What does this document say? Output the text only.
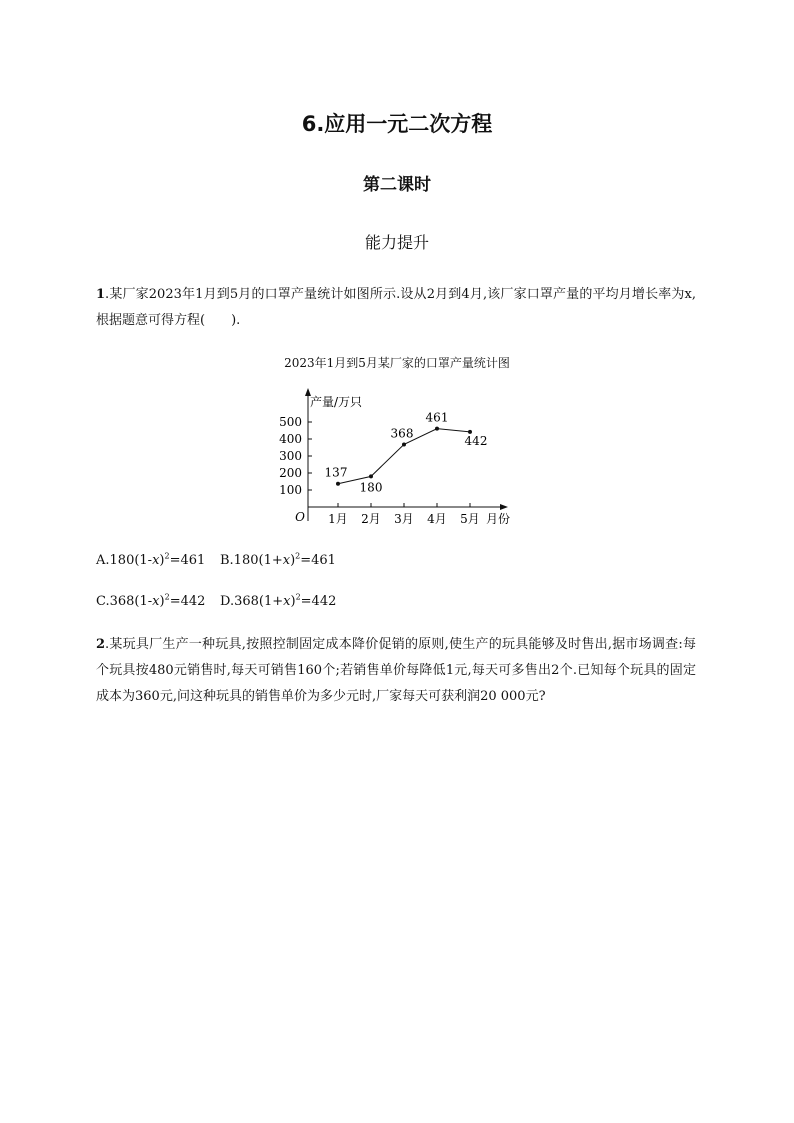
6.应用一元二次方程
第二课时
能力提升
1.某厂家2023年1月到5月的口罩产量统计如图所示.设从2月到4月,该厂家口罩产量的平均月增长率为x,根据题意可得方程(　　).
2023年1月到5月某厂家的口罩产量统计图
产量/万只
月份
O
100
200
300
400
500
1月 2月 3月 4月 5月
137
180
368
461
442
$A.180(1-x)^2=461$ $B.180(1+x)^2=461$
$C.368(1-x)^2=442$ $D.368(1+x)^2=442$
2.某玩具厂生产一种玩具,按照控制固定成本降价促销的原则,使生产的玩具能够及时售出,据市场调查:每个玩具按480元销售时,每天可销售160个;若销售单价每降低1元,每天可多售出2个.已知每个玩具的固定成本为360元,问这种玩具的销售单价为多少元时,厂家每天可获利润20 000元?
